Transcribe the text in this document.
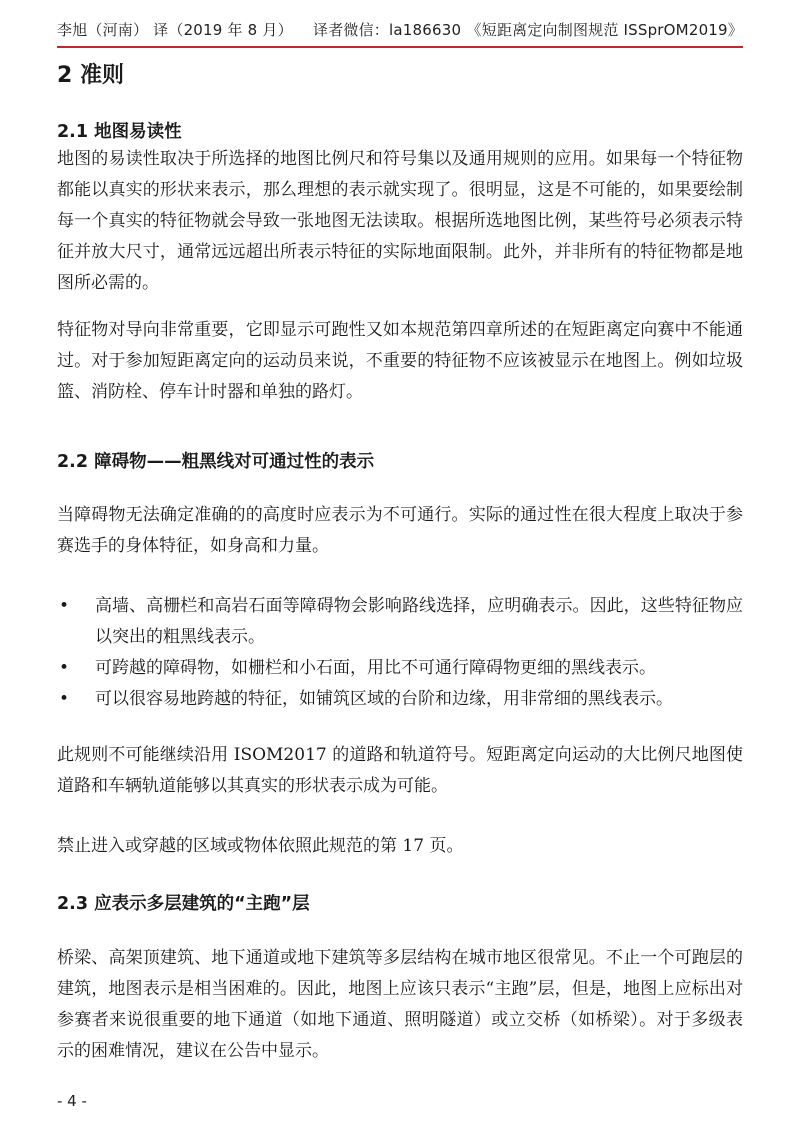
李旭（河南） 译（2019 年 8 月） 译者微信：la186630 《短距离定向制图规范 ISSprOM2019》
2 准则
2.1 地图易读性

地图的易读性取决于所选择的地图比例尺和符号集以及通用规则的应用。如果每一个特征物都能以真实的形状来表示，那么理想的表示就实现了。很明显，这是不可能的，如果要绘制每一个真实的特征物就会导致一张地图无法读取。根据所选地图比例，某些符号必须表示特征并放大尺寸，通常远远超出所表示特征的实际地面限制。此外，并非所有的特征物都是地图所必需的。

特征物对导向非常重要，它即显示可跑性又如本规范第四章所述的在短距离定向赛中不能通过。对于参加短距离定向的运动员来说，不重要的特征物不应该被显示在地图上。例如垃圾篮、消防栓、停车计时器和单独的路灯。

2.2 障碍物——粗黑线对可通过性的表示

当障碍物无法确定准确的的高度时应表示为不可通行。实际的通过性在很大程度上取决于参赛选手的身体特征，如身高和力量。

• 高墙、高栅栏和高岩石面等障碍物会影响路线选择，应明确表示。因此，这些特征物应以突出的粗黑线表示。
• 可跨越的障碍物，如栅栏和小石面，用比不可通行障碍物更细的黑线表示。
• 可以很容易地跨越的特征，如铺筑区域的台阶和边缘，用非常细的黑线表示。

此规则不可能继续沿用 ISOM2017 的道路和轨道符号。短距离定向运动的大比例尺地图使道路和车辆轨道能够以其真实的形状表示成为可能。

禁止进入或穿越的区域或物体依照此规范的第 17 页。

2.3 应表示多层建筑的“主跑”层

桥梁、高架顶建筑、地下通道或地下建筑等多层结构在城市地区很常见。不止一个可跑层的建筑，地图表示是相当困难的。因此，地图上应该只表示“主跑”层，但是，地图上应标出对参赛者来说很重要的地下通道（如地下通道、照明隧道）或立交桥（如桥梁）。对于多级表示的困难情况，建议在公告中显示。

- 4 -
